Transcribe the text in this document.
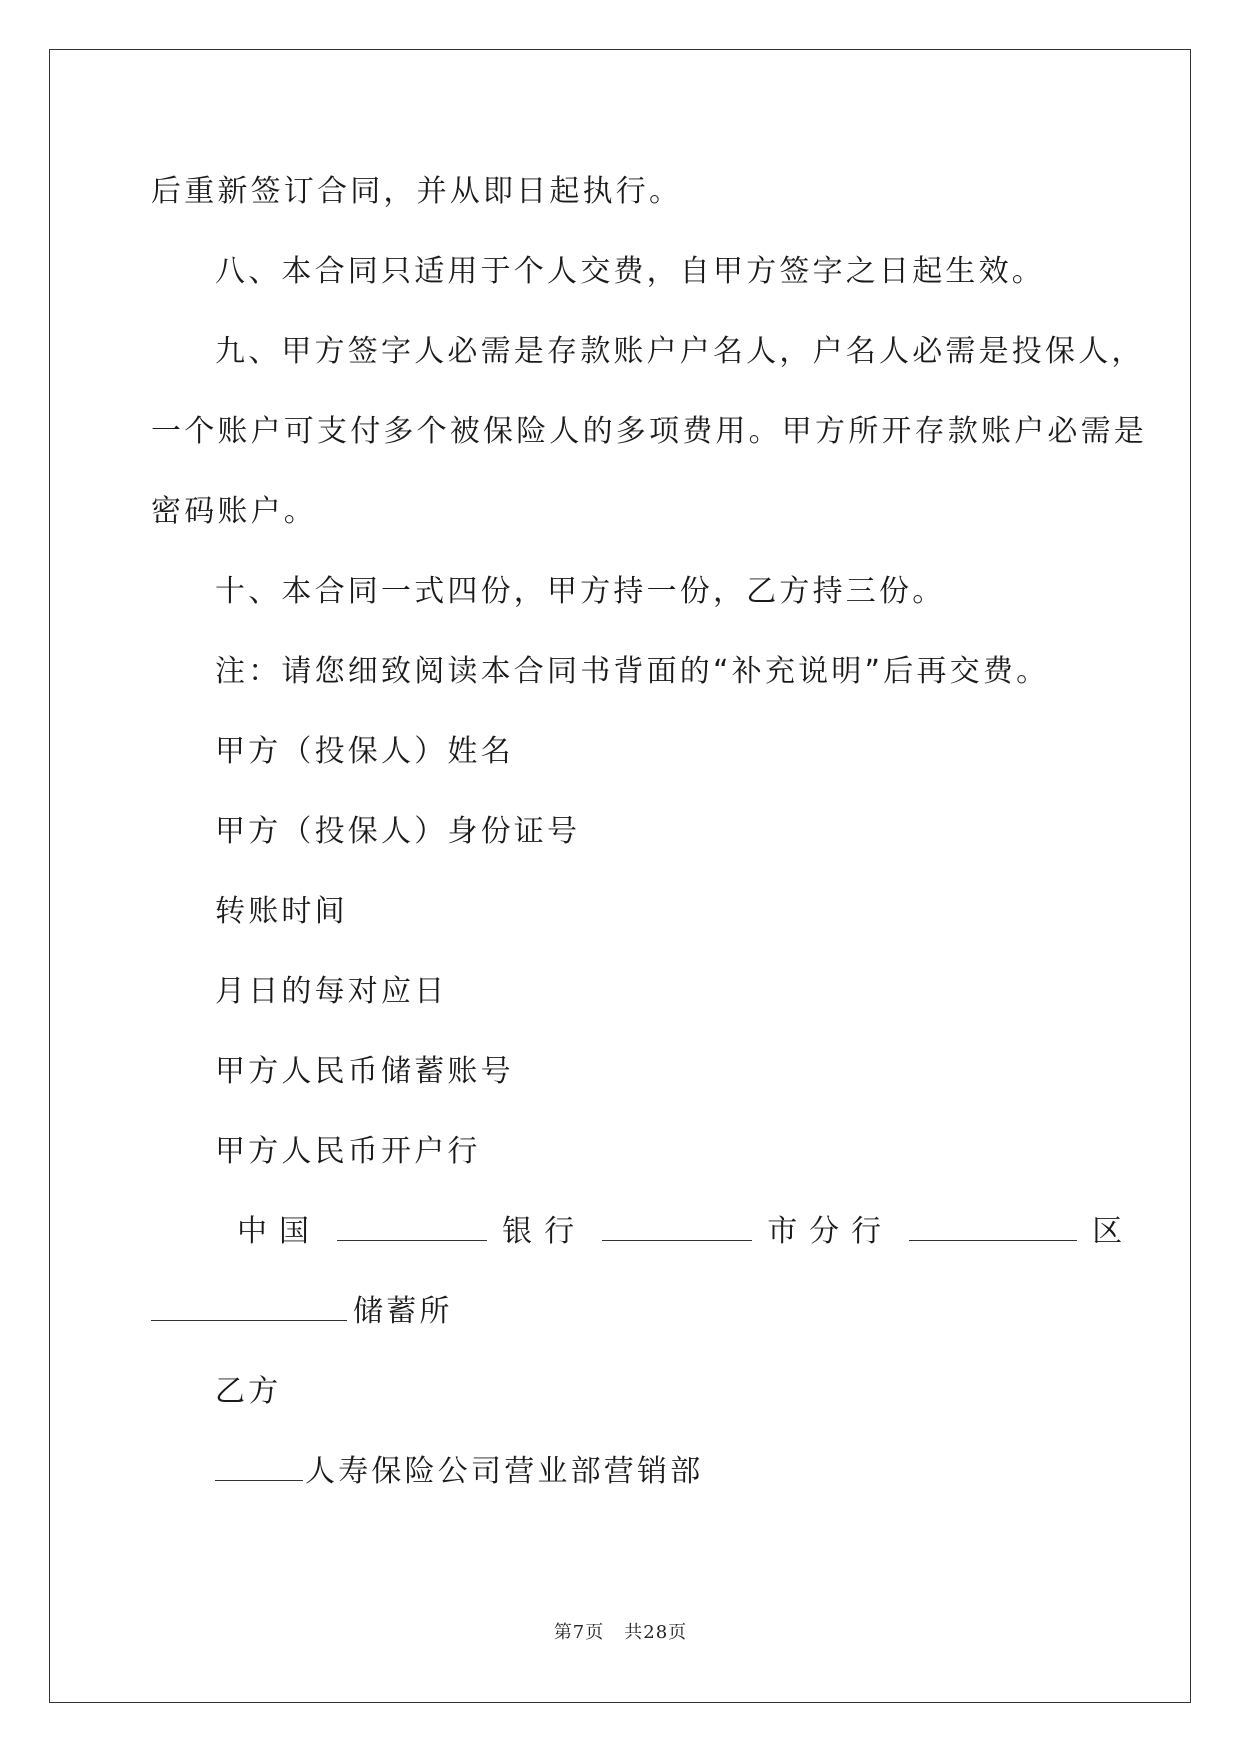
后重新签订合同，并从即日起执行。
八、本合同只适用于个人交费，自甲方签字之日起生效。
九、甲方签字人必需是存款账户户名人，户名人必需是投保人，
一个账户可支付多个被保险人的多项费用。甲方所开存款账户必需是
密码账户。
十、本合同一式四份，甲方持一份，乙方持三份。
注：请您细致阅读本合同书背面的“补充说明”后再交费。
甲方（投保人）姓名
甲方（投保人）身份证号
转账时间
月日的每对应日
甲方人民币储蓄账号
甲方人民币开户行
中国	银行	市分行	区
储蓄所
乙方
人寿保险公司营业部营销部
第7页 共28页
